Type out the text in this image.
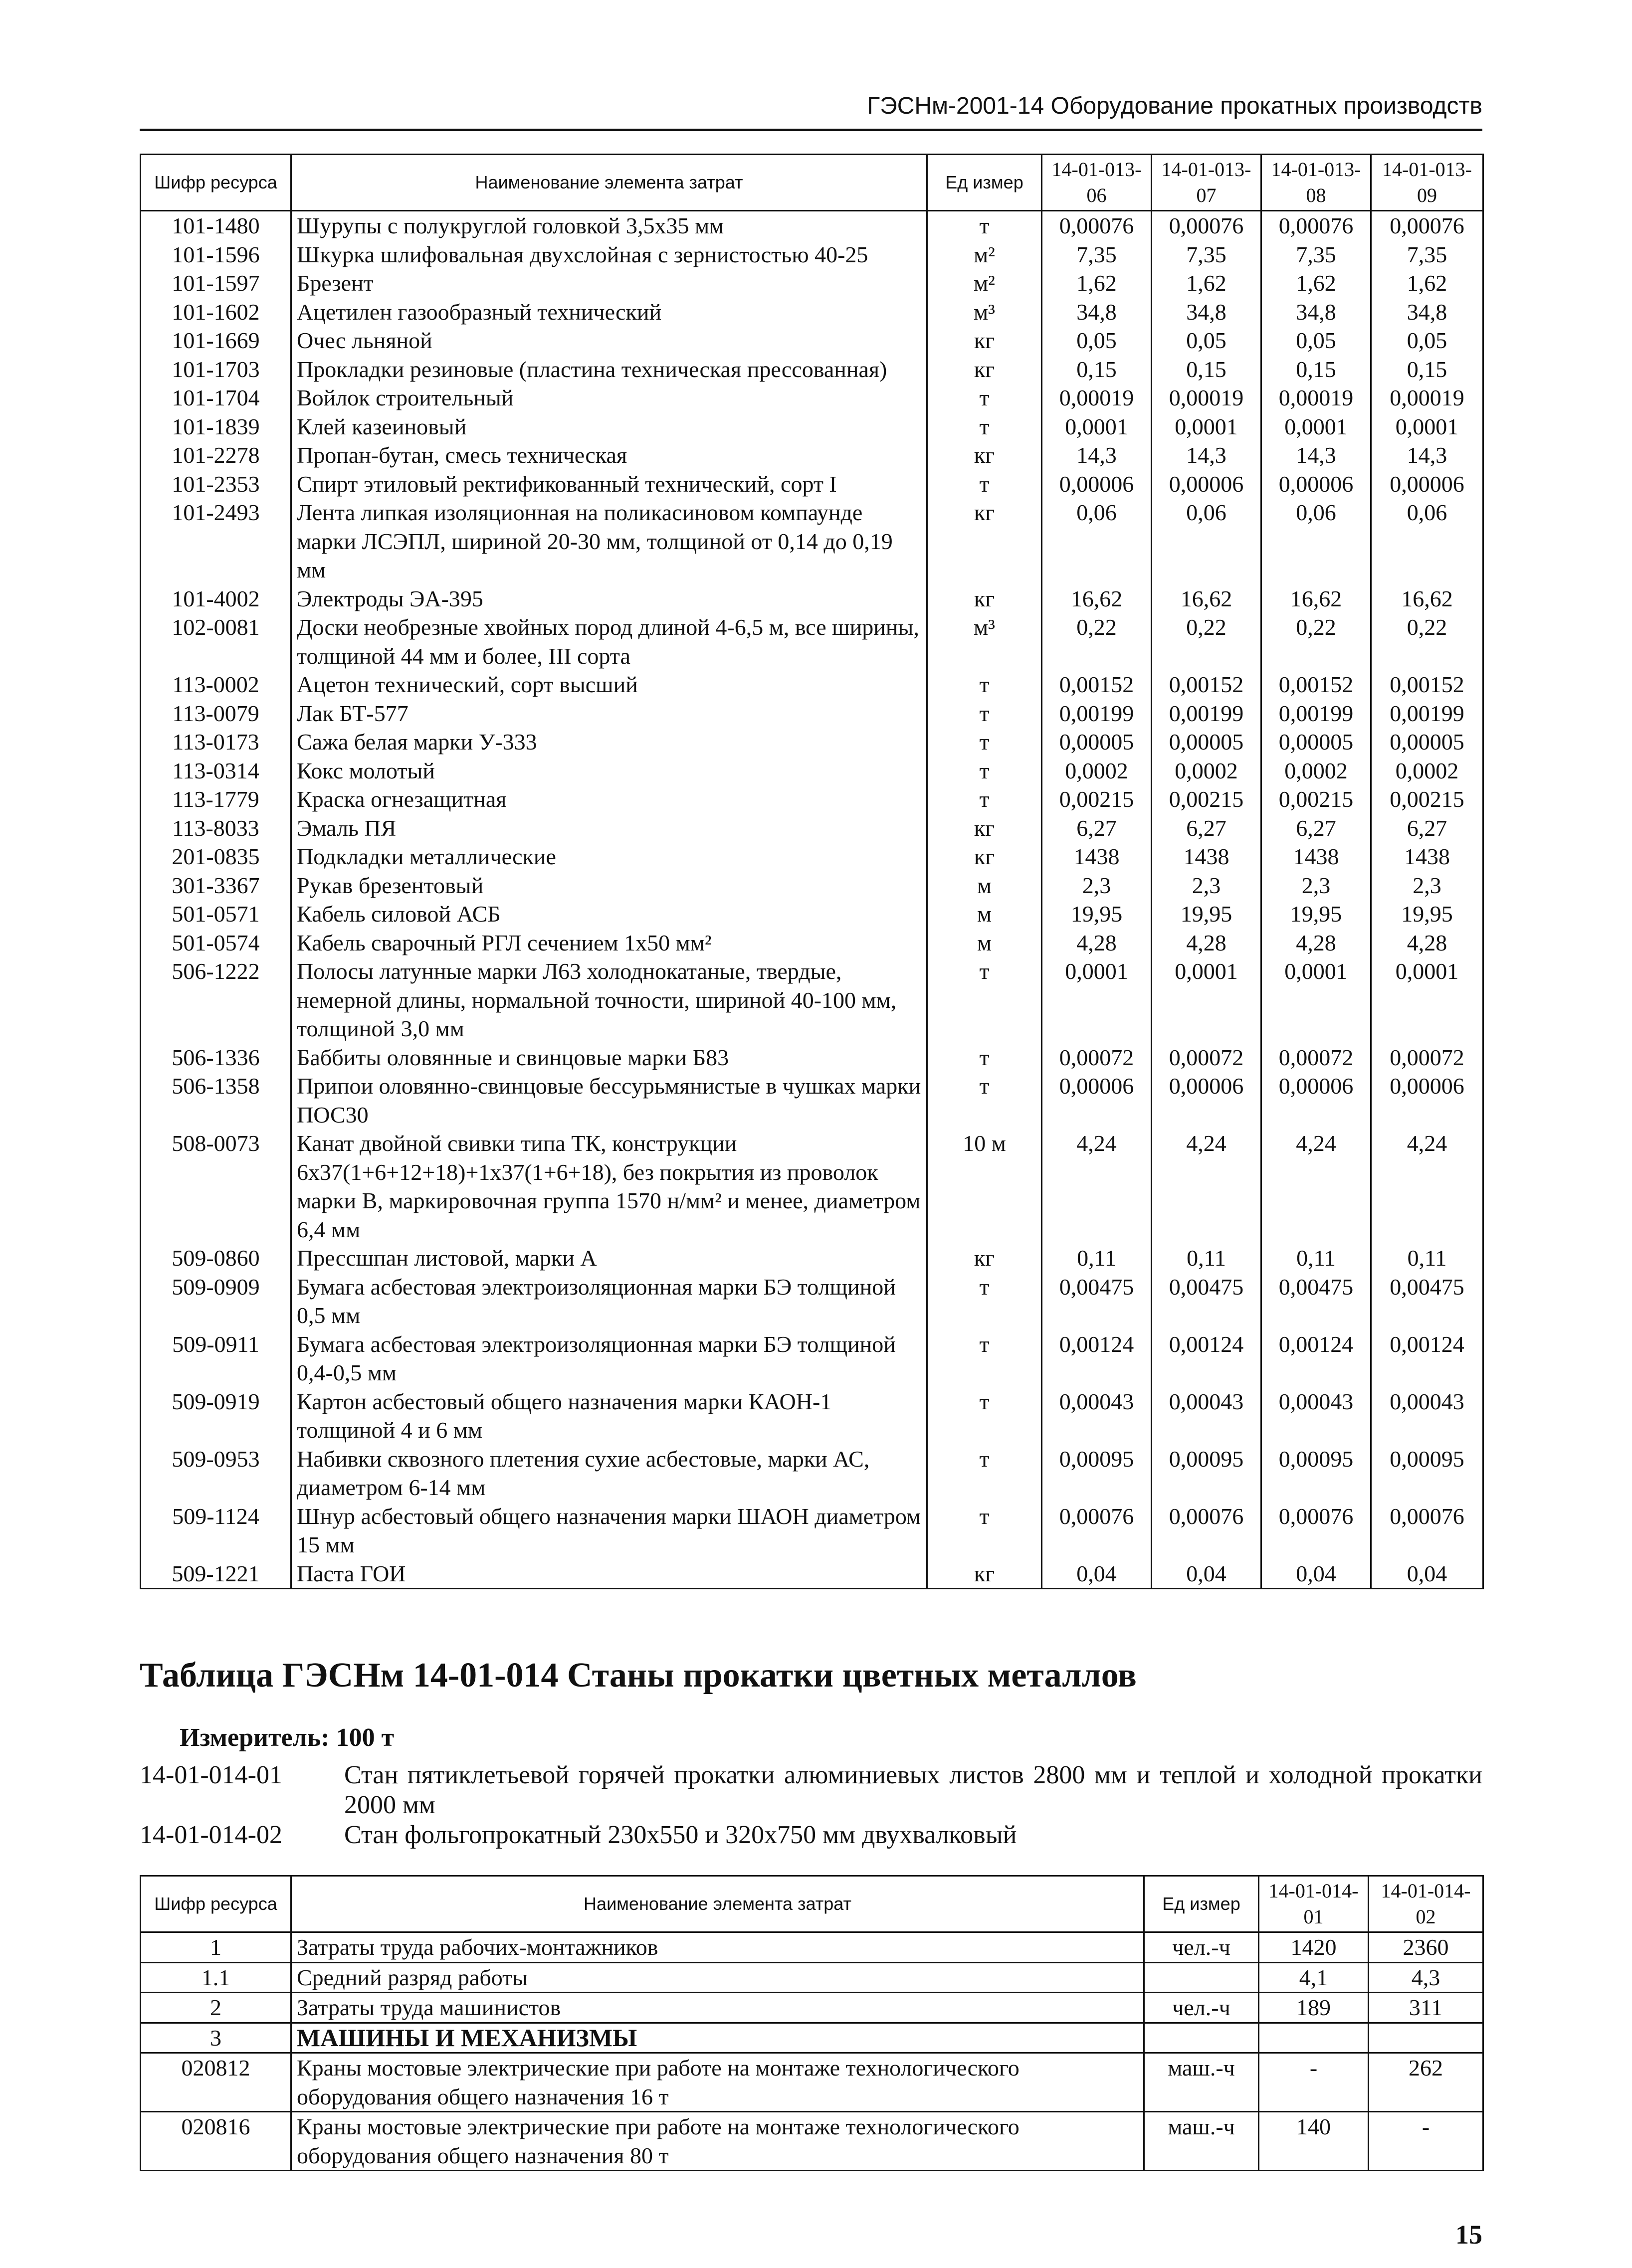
ГЭСНм-2001-14 Оборудование прокатных производств
Шифр ресурса	Наименование элемента затрат	Ед измер	14-01-013-06	14-01-013-07	14-01-013-08	14-01-013-09
101-1480	Шурупы с полукруглой головкой 3,5х35 мм	т	0,00076	0,00076	0,00076	0,00076
101-1596	Шкурка шлифовальная двухслойная с зернистостью 40-25	м²	7,35	7,35	7,35	7,35
101-1597	Брезент	м²	1,62	1,62	1,62	1,62
101-1602	Ацетилен газообразный технический	м³	34,8	34,8	34,8	34,8
101-1669	Очес льняной	кг	0,05	0,05	0,05	0,05
101-1703	Прокладки резиновые (пластина техническая прессованная)	кг	0,15	0,15	0,15	0,15
101-1704	Войлок строительный	т	0,00019	0,00019	0,00019	0,00019
101-1839	Клей казеиновый	т	0,0001	0,0001	0,0001	0,0001
101-2278	Пропан-бутан, смесь техническая	кг	14,3	14,3	14,3	14,3
101-2353	Спирт этиловый ректификованный технический, сорт I	т	0,00006	0,00006	0,00006	0,00006
101-2493	Лента липкая изоляционная на поликасиновом компаунде марки ЛСЭПЛ, шириной 20-30 мм, толщиной от 0,14 до 0,19 мм	кг	0,06	0,06	0,06	0,06
101-4002	Электроды ЭА-395	кг	16,62	16,62	16,62	16,62
102-0081	Доски необрезные хвойных пород длиной 4-6,5 м, все ширины, толщиной 44 мм и более, III сорта	м³	0,22	0,22	0,22	0,22
113-0002	Ацетон технический, сорт высший	т	0,00152	0,00152	0,00152	0,00152
113-0079	Лак БТ-577	т	0,00199	0,00199	0,00199	0,00199
113-0173	Сажа белая марки У-333	т	0,00005	0,00005	0,00005	0,00005
113-0314	Кокс молотый	т	0,0002	0,0002	0,0002	0,0002
113-1779	Краска огнезащитная	т	0,00215	0,00215	0,00215	0,00215
113-8033	Эмаль ПЯ	кг	6,27	6,27	6,27	6,27
201-0835	Подкладки металлические	кг	1438	1438	1438	1438
301-3367	Рукав брезентовый	м	2,3	2,3	2,3	2,3
501-0571	Кабель силовой АСБ	м	19,95	19,95	19,95	19,95
501-0574	Кабель сварочный РГЛ сечением 1х50 мм²	м	4,28	4,28	4,28	4,28
506-1222	Полосы латунные марки Л63 холоднокатаные, твердые, немерной длины, нормальной точности, шириной 40-100 мм, толщиной 3,0 мм	т	0,0001	0,0001	0,0001	0,0001
506-1336	Баббиты оловянные и свинцовые марки Б83	т	0,00072	0,00072	0,00072	0,00072
506-1358	Припои оловянно-свинцовые бессурьмянистые в чушках марки ПОС30	т	0,00006	0,00006	0,00006	0,00006
508-0073	Канат двойной свивки типа ТК, конструкции 6х37(1+6+12+18)+1х37(1+6+18), без покрытия из проволок марки В, маркировочная группа 1570 н/мм² и менее, диаметром 6,4 мм	10 м	4,24	4,24	4,24	4,24
509-0860	Прессшпан листовой, марки А	кг	0,11	0,11	0,11	0,11
509-0909	Бумага асбестовая электроизоляционная марки БЭ толщиной 0,5 мм	т	0,00475	0,00475	0,00475	0,00475
509-0911	Бумага асбестовая электроизоляционная марки БЭ толщиной 0,4-0,5 мм	т	0,00124	0,00124	0,00124	0,00124
509-0919	Картон асбестовый общего назначения марки КАОН-1 толщиной 4 и 6 мм	т	0,00043	0,00043	0,00043	0,00043
509-0953	Набивки сквозного плетения сухие асбестовые, марки АС, диаметром 6-14 мм	т	0,00095	0,00095	0,00095	0,00095
509-1124	Шнур асбестовый общего назначения марки ШАОН диаметром 15 мм	т	0,00076	0,00076	0,00076	0,00076
509-1221	Паста ГОИ	кг	0,04	0,04	0,04	0,04
Таблица ГЭСНм 14-01-014 Станы прокатки цветных металлов
Измеритель: 100 т
14-01-014-01	Стан пятиклетьевой горячей прокатки алюминиевых листов 2800 мм и теплой и холодной прокатки 2000 мм
14-01-014-02	Стан фольгопрокатный 230х550 и 320х750 мм двухвалковый
Шифр ресурса	Наименование элемента затрат	Ед измер	14-01-014-01	14-01-014-02
1	Затраты труда рабочих-монтажников	чел.-ч	1420	2360
1.1	Средний разряд работы		4,1	4,3
2	Затраты труда машинистов	чел.-ч	189	311
3	МАШИНЫ И МЕХАНИЗМЫ			
020812	Краны мостовые электрические при работе на монтаже технологического оборудования общего назначения 16 т	маш.-ч	-	262
020816	Краны мостовые электрические при работе на монтаже технологического оборудования общего назначения 80 т	маш.-ч	140	-
15
